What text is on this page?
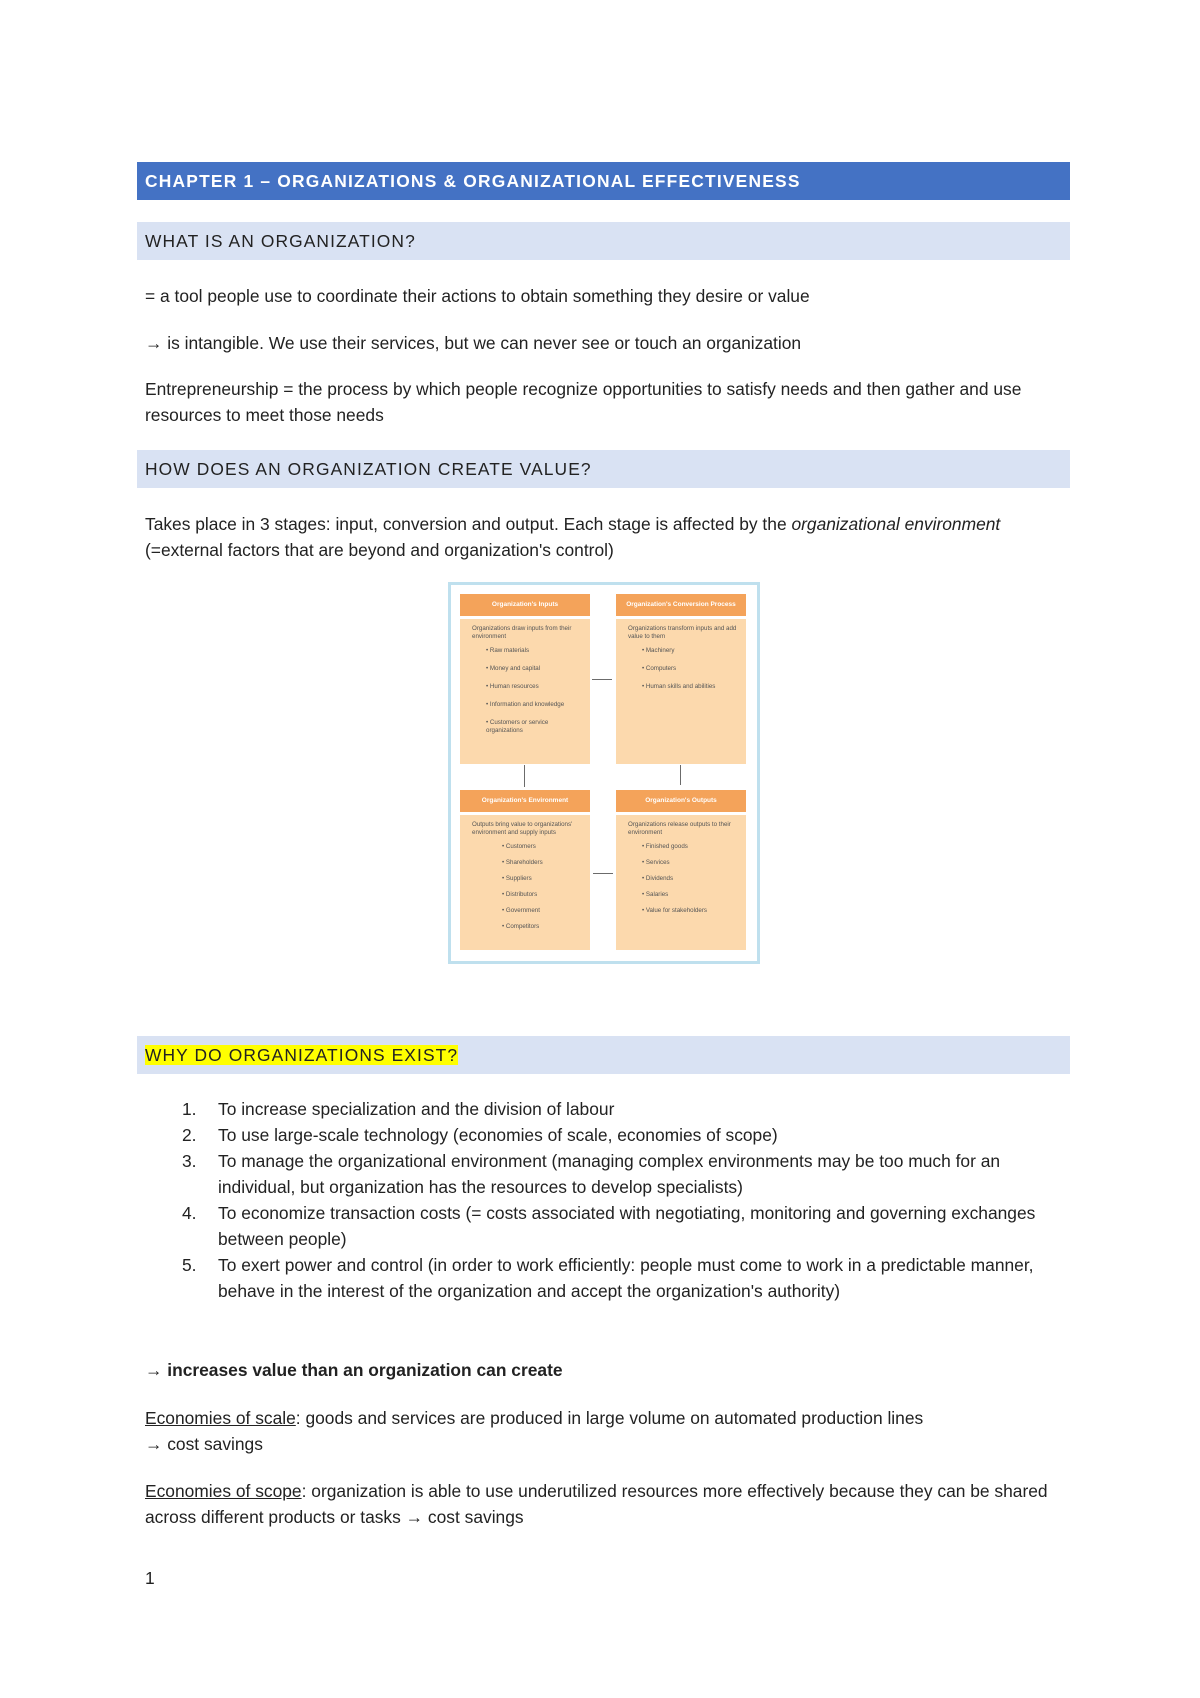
CHAPTER 1 – ORGANIZATIONS & ORGANIZATIONAL EFFECTIVENESS
WHAT IS AN ORGANIZATION?

= a tool people use to coordinate their actions to obtain something they desire or value

→ is intangible. We use their services, but we can never see or touch an organization

Entrepreneurship = the process by which people recognize opportunities to satisfy needs and then gather and use resources to meet those needs

HOW DOES AN ORGANIZATION CREATE VALUE?

Takes place in 3 stages: input, conversion and output. Each stage is affected by the organizational environment (=external factors that are beyond and organization's control)

Organization's Inputs
Organizations draw inputs from their environment
• Raw materials
• Money and capital
• Human resources
• Information and knowledge
• Customers or service organizations
Organization's Conversion Process
Organizations transform inputs and add value to them
• Machinery
• Computers
• Human skills and abilities
Organization's Environment
Outputs bring value to organizations' environment and supply inputs
• Customers
• Shareholders
• Suppliers
• Distributors
• Government
• Competitors
Organization's Outputs
Organizations release outputs to their environment
• Finished goods
• Services
• Dividends
• Salaries
• Value for stakeholders
WHY DO ORGANIZATIONS EXIST?
1. To increase specialization and the division of labour
2. To use large-scale technology (economies of scale, economies of scope)
3. To manage the organizational environment (managing complex environments may be too much for an individual, but organization has the resources to develop specialists)
4. To economize transaction costs (= costs associated with negotiating, monitoring and governing exchanges between people)
5. To exert power and control (in order to work efficiently: people must come to work in a predictable manner, behave in the interest of the organization and accept the organization's authority)

→ increases value than an organization can create

Economies of scale: goods and services are produced in large volume on automated production lines
→ cost savings

Economies of scope: organization is able to use underutilized resources more effectively because they can be shared across different products or tasks → cost savings

1
